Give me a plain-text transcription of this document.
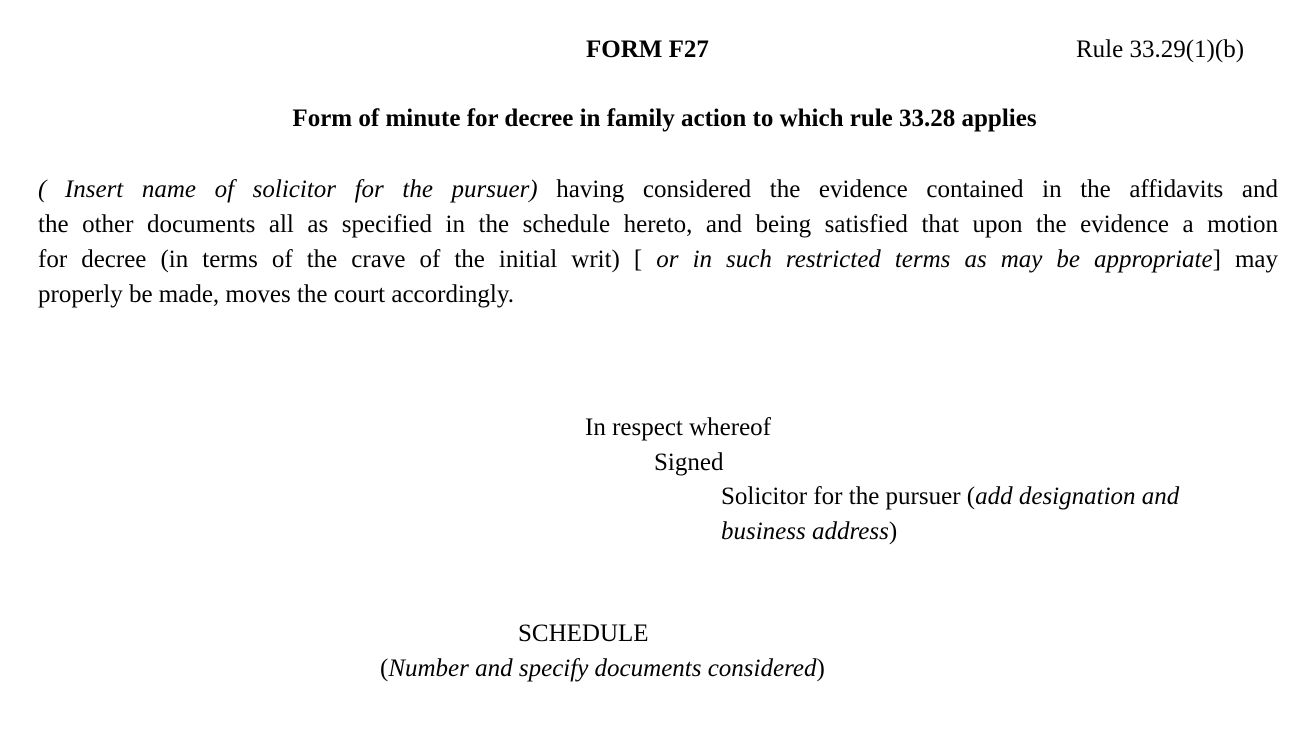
FORM F27	Rule 33.29(1)(b)
Form of minute for decree in family action to which rule 33.28 applies
( Insert name of solicitor for the pursuer) having considered the evidence contained in the affidavits and
the other documents all as specified in the schedule hereto, and being satisfied that upon the evidence a motion
for decree (in terms of the crave of the initial writ) [ or in such restricted terms as may be appropriate] may
properly be made, moves the court accordingly.
In respect whereof
Signed
Solicitor for the pursuer (add designation and
business address)
SCHEDULE
(Number and specify documents considered)
